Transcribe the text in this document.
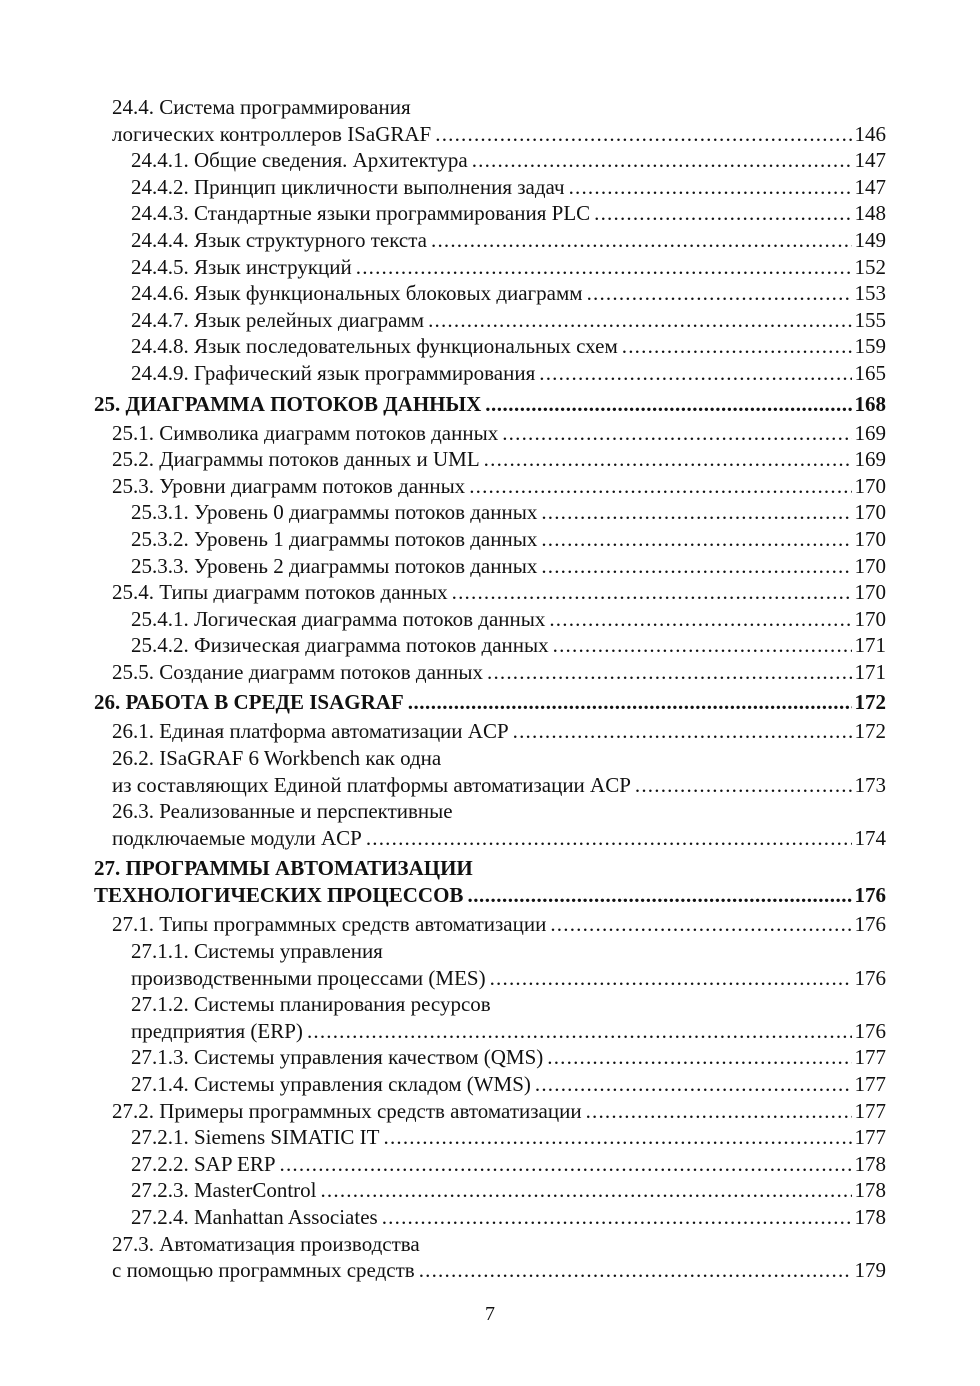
24.4. Система программирования
логических контроллеров ISaGRAF .....	146
24.4.1. Общие сведения. Архитектура .....	147
24.4.2. Принцип цикличности выполнения задач .....	147
24.4.3. Стандартные языки программирования PLC .....	148
24.4.4. Язык структурного текста .....	149
24.4.5. Язык инструкций .....	152
24.4.6. Язык функциональных блоковых диаграмм .....	153
24.4.7. Язык релейных диаграмм .....	155
24.4.8. Язык последовательных функциональных схем .....	159
24.4.9. Графический язык программирования .....	165
25. ДИАГРАММА ПОТОКОВ ДАННЫХ .....	168
25.1. Символика диаграмм потоков данных .....	169
25.2. Диаграммы потоков данных и UML .....	169
25.3. Уровни диаграмм потоков данных .....	170
25.3.1. Уровень 0 диаграммы потоков данных .....	170
25.3.2. Уровень 1 диаграммы потоков данных .....	170
25.3.3. Уровень 2 диаграммы потоков данных .....	170
25.4. Типы диаграмм потоков данных .....	170
25.4.1. Логическая диаграмма потоков данных .....	170
25.4.2. Физическая диаграмма потоков данных .....	171
25.5. Создание диаграмм потоков данных .....	171
26. РАБОТА В СРЕДЕ ISAGRAF .....	172
26.1. Единая платформа автоматизации ACP .....	172
26.2. ISaGRAF 6 Workbench как одна
из составляющих Единой платформы автоматизации ACP .....	173
26.3. Реализованные и перспективные
подключаемые модули ACP .....	174
27. ПРОГРАММЫ АВТОМАТИЗАЦИИ
ТЕХНОЛОГИЧЕСКИХ ПРОЦЕССОВ .....	176
27.1. Типы программных средств автоматизации .....	176
27.1.1. Системы управления
производственными процессами (MES) .....	176
27.1.2. Системы планирования ресурсов
предприятия (ERP) .....	176
27.1.3. Системы управления качеством (QMS) .....	177
27.1.4. Системы управления складом (WMS) .....	177
27.2. Примеры программных средств автоматизации .....	177
27.2.1. Siemens SIMATIC IT .....	177
27.2.2. SAP ERP .....	178
27.2.3. MasterControl .....	178
27.2.4. Manhattan Associates .....	178
27.3. Автоматизация производства
с помощью программных средств .....	179
7
